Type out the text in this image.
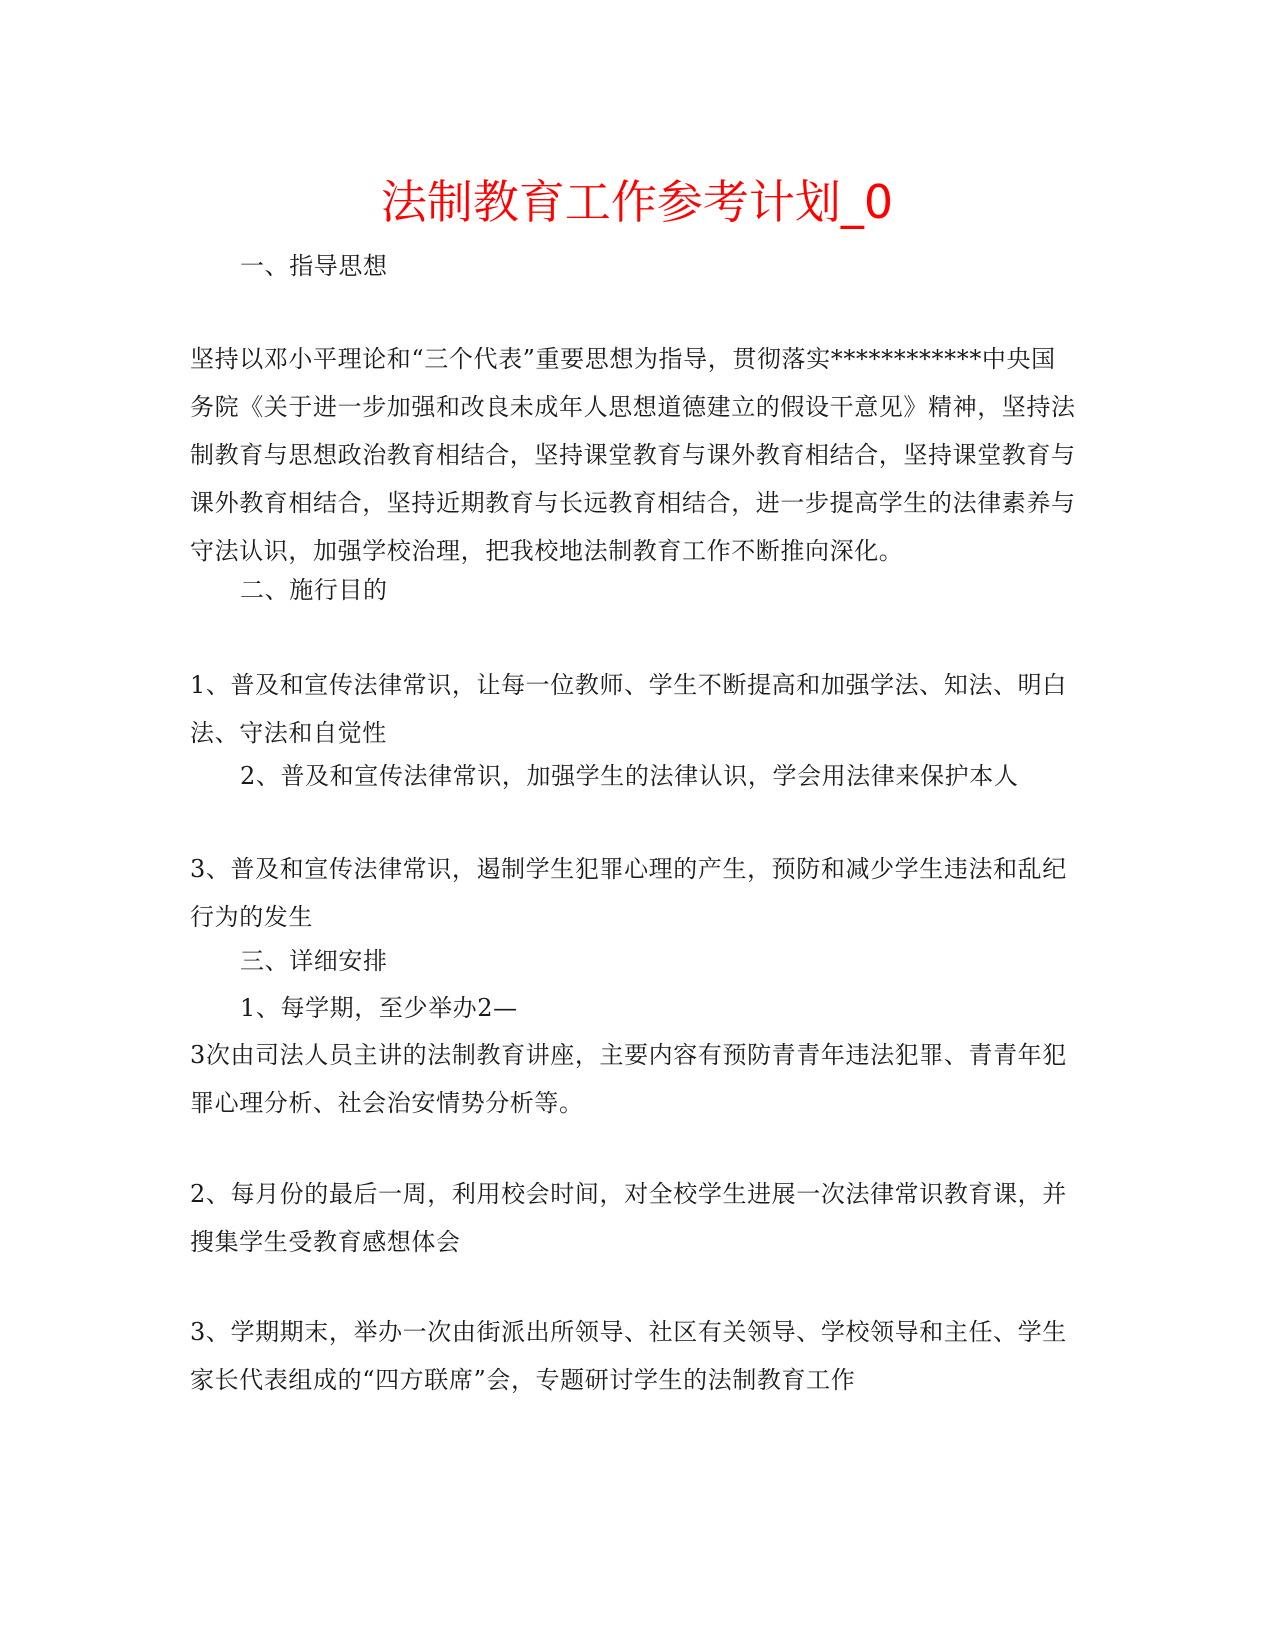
法制教育工作参考计划_0

一、指导思想

坚持以邓小平理论和“三个代表”重要思想为指导，贯彻落实************中央国务院《关于进一步加强和改良未成年人思想道德建立的假设干意见》精神，坚持法制教育与思想政治教育相结合，坚持课堂教育与课外教育相结合，坚持课堂教育与课外教育相结合，坚持近期教育与长远教育相结合，进一步提高学生的法律素养与守法认识，加强学校治理，把我校地法制教育工作不断推向深化。

二、施行目的

1、普及和宣传法律常识，让每一位教师、学生不断提高和加强学法、知法、明白法、守法和自觉性

2、普及和宣传法律常识，加强学生的法律认识，学会用法律来保护本人

3、普及和宣传法律常识，遏制学生犯罪心理的产生，预防和减少学生违法和乱纪行为的发生

三、详细安排

1、每学期，至少举办2—

3次由司法人员主讲的法制教育讲座，主要内容有预防青青年违法犯罪、青青年犯罪心理分析、社会治安情势分析等。

2、每月份的最后一周，利用校会时间，对全校学生进展一次法律常识教育课，并搜集学生受教育感想体会

3、学期期末，举办一次由街派出所领导、社区有关领导、学校领导和主任、学生家长代表组成的“四方联席”会，专题研讨学生的法制教育工作
